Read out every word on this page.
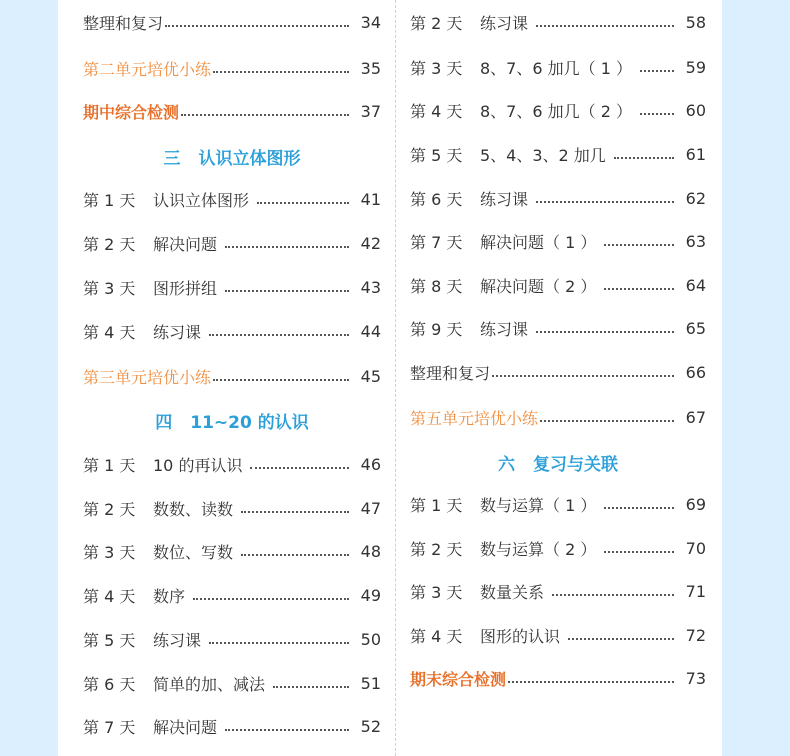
整理和复习	34
第二单元培优小练	35
期中综合检测	37
三 认识立体图形
第 1 天	认识立体图形	41
第 2 天	解决问题	42
第 3 天	图形拼组	43
第 4 天	练习课	44
第三单元培优小练	45
四 11~20 的认识
第 1 天	10 的再认识	46
第 2 天	数数、读数	47
第 3 天	数位、写数	48
第 4 天	数序	49
第 5 天	练习课	50
第 6 天	简单的加、减法	51
第 7 天	解决问题	52
第 2 天	练习课	58
第 3 天	8、7、6 加几（ 1 ）	59
第 4 天	8、7、6 加几（ 2 ）	60
第 5 天	5、4、3、2 加几	61
第 6 天	练习课	62
第 7 天	解决问题（ 1 ）	63
第 8 天	解决问题（ 2 ）	64
第 9 天	练习课	65
整理和复习	66
第五单元培优小练	67
六 复习与关联
第 1 天	数与运算（ 1 ）	69
第 2 天	数与运算（ 2 ）	70
第 3 天	数量关系	71
第 4 天	图形的认识	72
期末综合检测	73
